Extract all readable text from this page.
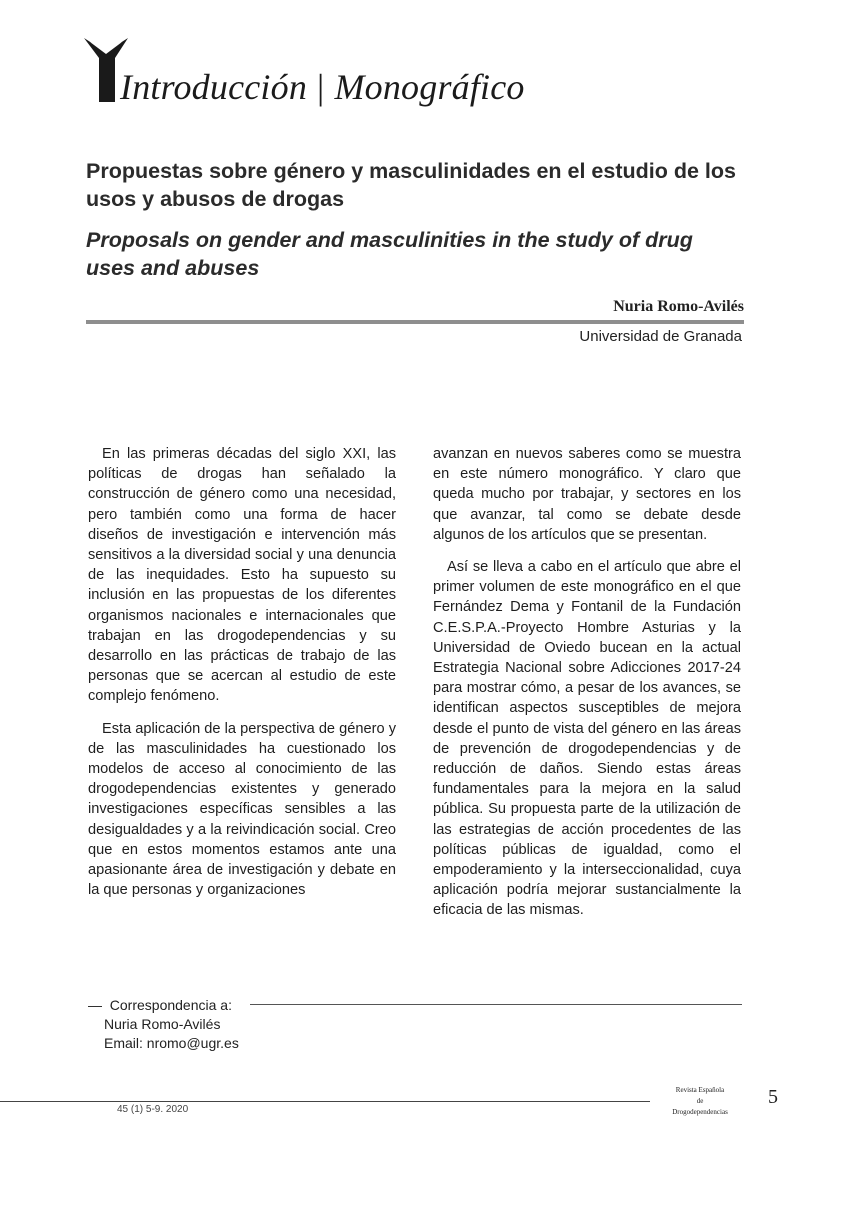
Introducción | Monográfico
Propuestas sobre género y masculinidades en el estudio de los usos y abusos de drogas
Proposals on gender and masculinities in the study of drug uses and abuses
Nuria Romo-Avilés
Universidad de Granada

En las primeras décadas del siglo XXI, las políticas de drogas han señalado la construcción de género como una necesidad, pero también como una forma de hacer diseños de investigación e intervención más sensitivos a la diversidad social y una denuncia de las inequidades. Esto ha supuesto su inclusión en las propuestas de los diferentes organismos nacionales e internacionales que trabajan en las drogodependencias y su desarrollo en las prácticas de trabajo de las personas que se acercan al estudio de este complejo fenómeno.

Esta aplicación de la perspectiva de género y de las masculinidades ha cuestionado los modelos de acceso al conocimiento de las drogodependencias existentes y generado investigaciones específicas sensibles a las desigualdades y a la reivindicación social. Creo que en estos momentos estamos ante una apasionante área de investigación y debate en la que personas y organizaciones

avanzan en nuevos saberes como se muestra en este número monográfico. Y claro que queda mucho por trabajar, y sectores en los que avanzar, tal como se debate desde algunos de los artículos que se presentan.

Así se lleva a cabo en el artículo que abre el primer volumen de este monográfico en el que Fernández Dema y Fontanil de la Fundación C.E.S.P.A.-Proyecto Hombre Asturias y la Universidad de Oviedo bucean en la actual Estrategia Nacional sobre Adicciones 2017-24 para mostrar cómo, a pesar de los avances, se identifican aspectos susceptibles de mejora desde el punto de vista del género en las áreas de prevención de drogodependencias y de reducción de daños. Siendo estas áreas fundamentales para la mejora en la salud pública. Su propuesta parte de la utilización de las estrategias de acción procedentes de las políticas públicas de igualdad, como el empoderamiento y la interseccionalidad, cuya aplicación podría mejorar sustancialmente la eficacia de las mismas.

— Correspondencia a:
Nuria Romo-Avilés
Email: nromo@ugr.es
45 (1) 5-9. 2020
Revista Española
de
Drogodependencias
5
